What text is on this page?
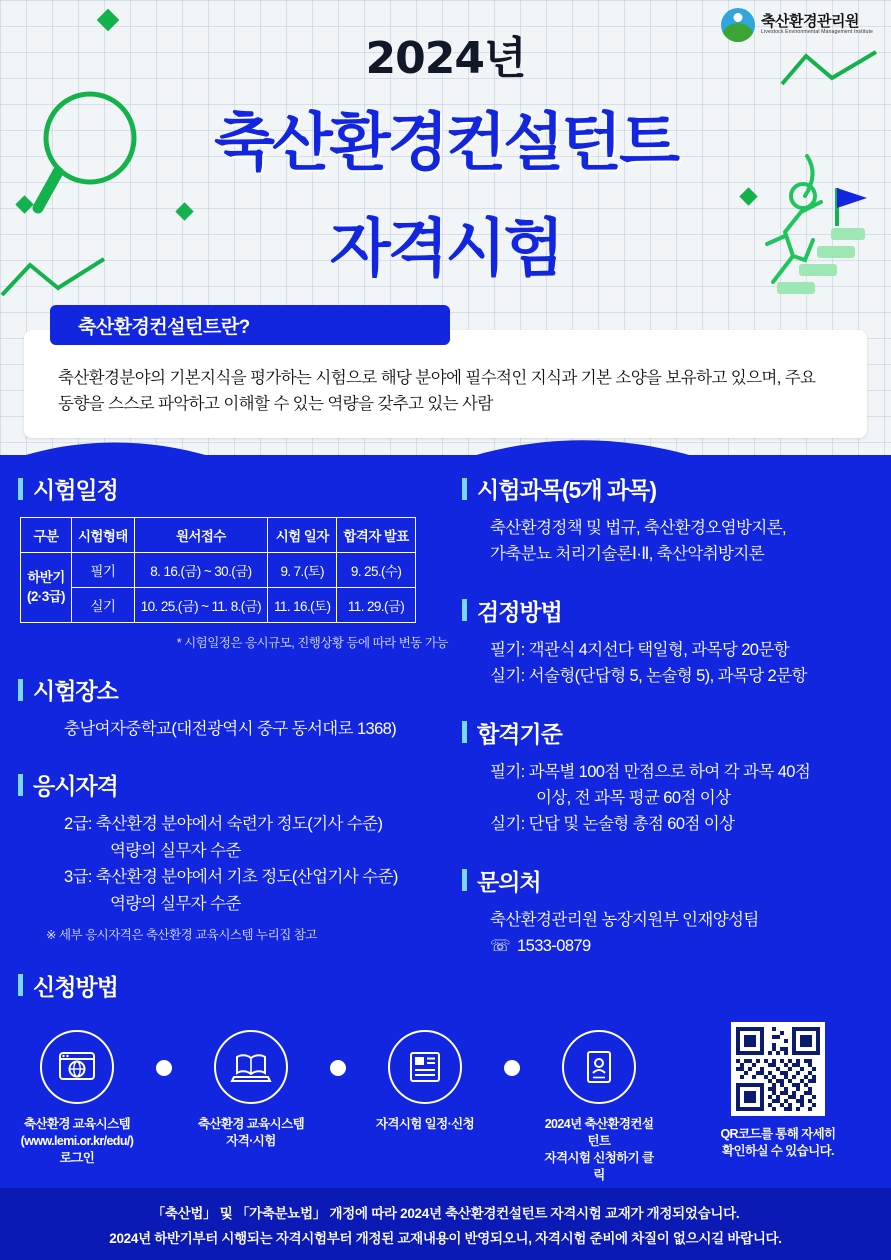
2024년
축산환경컨설턴트
자격시험
축산환경관리원
Livestock Environmental Management Institute

축산환경분야의 기본지식을 평가하는 시험으로 해당 분야에 필수적인 지식과 기본 소양을 보유하고 있으며, 주요 동향을 스스로 파악하고 이해할 수 있는 역량을 갖추고 있는 사람

축산환경컨설턴트란?
시험일정
구분	시험형태	원서접수	시험 일자	합격자 발표
하반기
(2·3급)	필기	8. 16.(금) ~ 30.(금)	9. 7.(토)	9. 25.(수)
	실기	10. 25.(금) ~ 11. 8.(금)	11. 16.(토)	11. 29.(금)
* 시험일정은 응시규모, 진행상황 등에 따라 변동 가능
시험장소
충남여자중학교(대전광역시 중구 동서대로 1368)
응시자격
2급: 축산환경 분야에서 숙련가 정도(기사 수준)
역량의 실무자 수준
3급: 축산환경 분야에서 기초 정도(산업기사 수준)
역량의 실무자 수준
※ 세부 응시자격은 축산환경 교육시스템 누리집 참고
신청방법
시험과목(5개 과목)
축산환경정책 및 법규, 축산환경오염방지론,
가축분뇨 처리기술론Ⅰ·Ⅱ, 축산악취방지론
검정방법
필기: 객관식 4지선다 택일형, 과목당 20문항
실기: 서술형(단답형 5, 논술형 5), 과목당 2문항
합격기준
필기: 과목별 100점 만점으로 하여 각 과목 40점
이상, 전 과목 평균 60점 이상
실기: 단답 및 논술형 총점 60점 이상
문의처
축산환경관리원 농장지원부 인재양성팀
☏ 1533-0879
축산환경 교육시스템
(www.lemi.or.kr/edu/)
로그인
축산환경 교육시스템
자격·시험
자격시험 일정·신청	2024년 축산환경컨설턴트
자격시험 신청하기 클릭
QR코드를 통해 자세히
확인하실 수 있습니다.
「축산법」 및 「가축분뇨법」 개정에 따라 2024년 축산환경컨설턴트 자격시험 교재가 개정되었습니다.
2024년 하반기부터 시행되는 자격시험부터 개정된 교재내용이 반영되오니, 자격시험 준비에 차질이 없으시길 바랍니다.
